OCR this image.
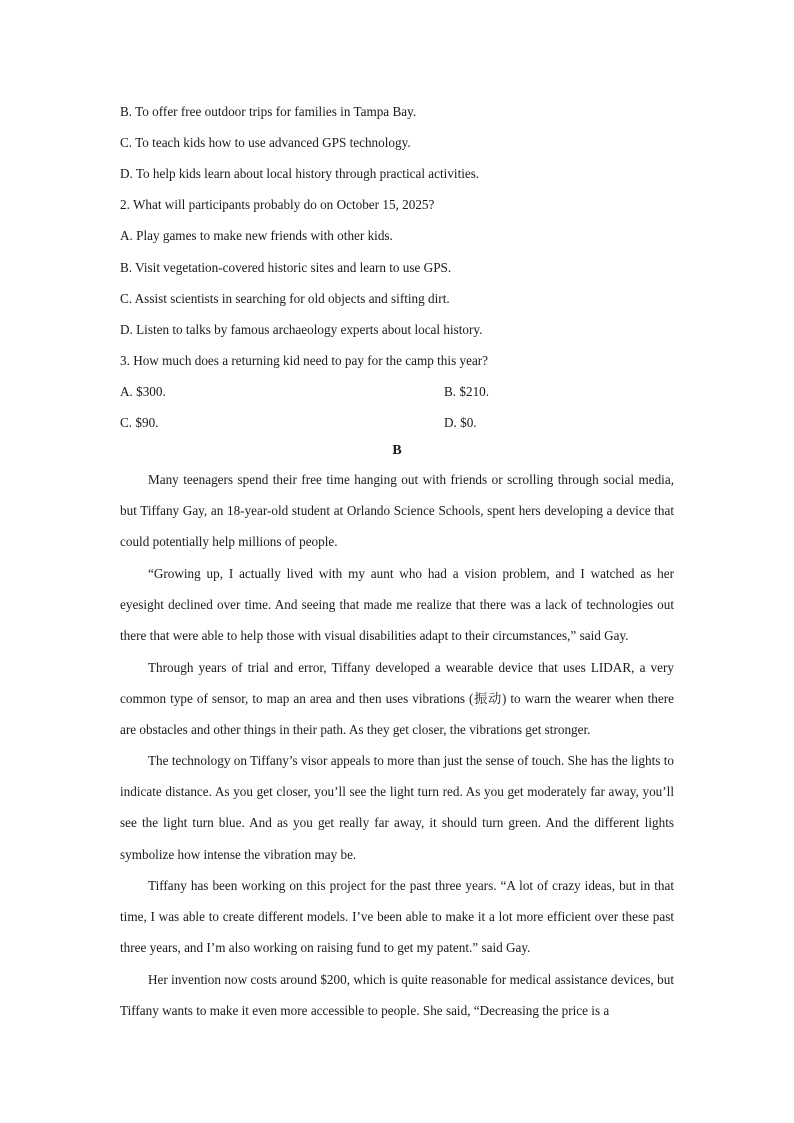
B. To offer free outdoor trips for families in Tampa Bay.
C. To teach kids how to use advanced GPS technology.
D. To help kids learn about local history through practical activities.
2. What will participants probably do on October 15, 2025?
A. Play games to make new friends with other kids.
B. Visit vegetation-covered historic sites and learn to use GPS.
C. Assist scientists in searching for old objects and sifting dirt.
D. Listen to talks by famous archaeology experts about local history.
3. How much does a returning kid need to pay for the camp this year?
A. $300.	B. $210.
C. $90.	D. $0.
B
Many teenagers spend their free time hanging out with friends or scrolling through social media, but Tiffany Gay, an 18-year-old student at Orlando Science Schools, spent hers developing a device that could potentially help millions of people.
“Growing up, I actually lived with my aunt who had a vision problem, and I watched as her eyesight declined over time. And seeing that made me realize that there was a lack of technologies out there that were able to help those with visual disabilities adapt to their circumstances,” said Gay.
Through years of trial and error, Tiffany developed a wearable device that uses LIDAR, a very common type of sensor, to map an area and then uses vibrations (振动) to warn the wearer when there are obstacles and other things in their path. As they get closer, the vibrations get stronger.
The technology on Tiffany’s visor appeals to more than just the sense of touch. She has the lights to indicate distance. As you get closer, you’ll see the light turn red. As you get moderately far away, you’ll see the light turn blue. And as you get really far away, it should turn green. And the different lights symbolize how intense the vibration may be.
Tiffany has been working on this project for the past three years. “A lot of crazy ideas, but in that time, I was able to create different models. I’ve been able to make it a lot more efficient over these past three years, and I’m also working on raising fund to get my patent.” said Gay.
Her invention now costs around $200, which is quite reasonable for medical assistance devices, but Tiffany wants to make it even more accessible to people. She said, “Decreasing the price is a
